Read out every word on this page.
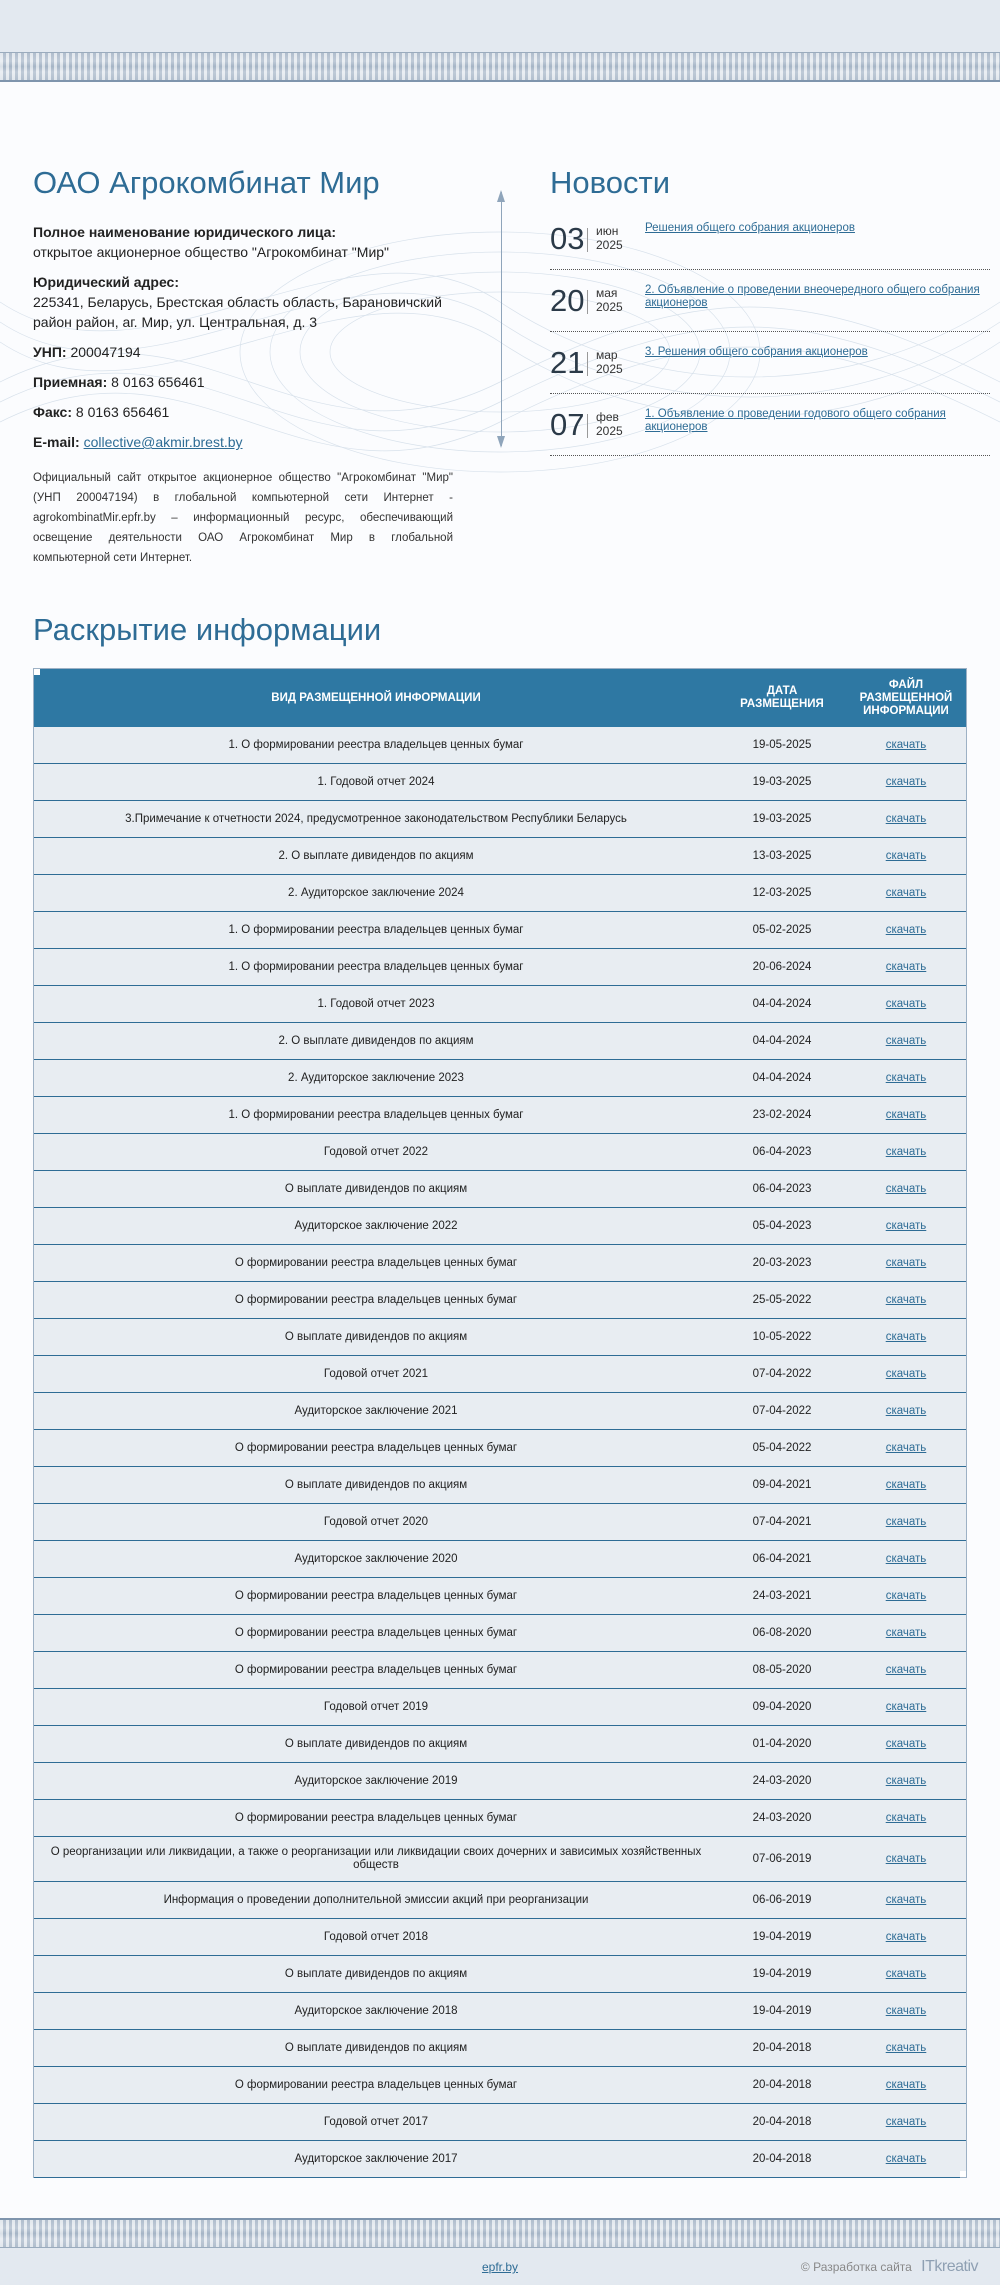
ОАО Агрокомбинат Мир
Полное наименование юридического лица:
открытое акционерное общество "Агрокомбинат "Мир"
Юридический адрес:
225341, Беларусь, Брестская область область, Барановичский район район, аг. Мир, ул. Центральная, д. 3
УНП: 200047194
Приемная: 8 0163 656461
Факс: 8 0163 656461
E-mail: collective@akmir.brest.by
Официальный сайт открытое акционерное общество "Агрокомбинат "Мир" (УНП 200047194) в глобальной компьютерной сети Интернет - agrokombinatMir.epfr.by – информационный ресурс, обеспечивающий освещение деятельности ОАО Агрокомбинат Мир в глобальной компьютерной сети Интернет.
Новости
03 июн
2025
Решения общего собрания акционеров
20 мая
2025
2. Объявление о проведении внеочередного общего собрания акционеров
21 мар
2025
3. Решения общего собрания акционеров
07 фев
2025
1. Объявление о проведении годового общего собрания акционеров
Раскрытие информации
ВИД РАЗМЕЩЕННОЙ ИНФОРМАЦИИ	ДАТА РАЗМЕЩЕНИЯ	ФАЙЛ РАЗМЕЩЕННОЙ ИНФОРМАЦИИ
1. О формировании реестра владельцев ценных бумаг	19-05-2025	скачать
1. Годовой отчет 2024	19-03-2025	скачать
3.Примечание к отчетности 2024, предусмотренное законодательством Республики Беларусь	19-03-2025	скачать
2. О выплате дивидендов по акциям	13-03-2025	скачать
2. Аудиторское заключение 2024	12-03-2025	скачать
1. О формировании реестра владельцев ценных бумаг	05-02-2025	скачать
1. О формировании реестра владельцев ценных бумаг	20-06-2024	скачать
1. Годовой отчет 2023	04-04-2024	скачать
2. О выплате дивидендов по акциям	04-04-2024	скачать
2. Аудиторское заключение 2023	04-04-2024	скачать
1. О формировании реестра владельцев ценных бумаг	23-02-2024	скачать
Годовой отчет 2022	06-04-2023	скачать
О выплате дивидендов по акциям	06-04-2023	скачать
Аудиторское заключение 2022	05-04-2023	скачать
О формировании реестра владельцев ценных бумаг	20-03-2023	скачать
О формировании реестра владельцев ценных бумаг	25-05-2022	скачать
О выплате дивидендов по акциям	10-05-2022	скачать
Годовой отчет 2021	07-04-2022	скачать
Аудиторское заключение 2021	07-04-2022	скачать
О формировании реестра владельцев ценных бумаг	05-04-2022	скачать
О выплате дивидендов по акциям	09-04-2021	скачать
Годовой отчет 2020	07-04-2021	скачать
Аудиторское заключение 2020	06-04-2021	скачать
О формировании реестра владельцев ценных бумаг	24-03-2021	скачать
О формировании реестра владельцев ценных бумаг	06-08-2020	скачать
О формировании реестра владельцев ценных бумаг	08-05-2020	скачать
Годовой отчет 2019	09-04-2020	скачать
О выплате дивидендов по акциям	01-04-2020	скачать
Аудиторское заключение 2019	24-03-2020	скачать
О формировании реестра владельцев ценных бумаг	24-03-2020	скачать
О реорганизации или ликвидации, а также о реорганизации или ликвидации своих дочерних и зависимых хозяйственных обществ	07-06-2019	скачать
Информация о проведении дополнительной эмиссии акций при реорганизации	06-06-2019	скачать
Годовой отчет 2018	19-04-2019	скачать
О выплате дивидендов по акциям	19-04-2019	скачать
Аудиторское заключение 2018	19-04-2019	скачать
О выплате дивидендов по акциям	20-04-2018	скачать
О формировании реестра владельцев ценных бумаг	20-04-2018	скачать
Годовой отчет 2017	20-04-2018	скачать
Аудиторское заключение 2017	20-04-2018	скачать
epfr.by	© Разработка сайта ITkreativ
